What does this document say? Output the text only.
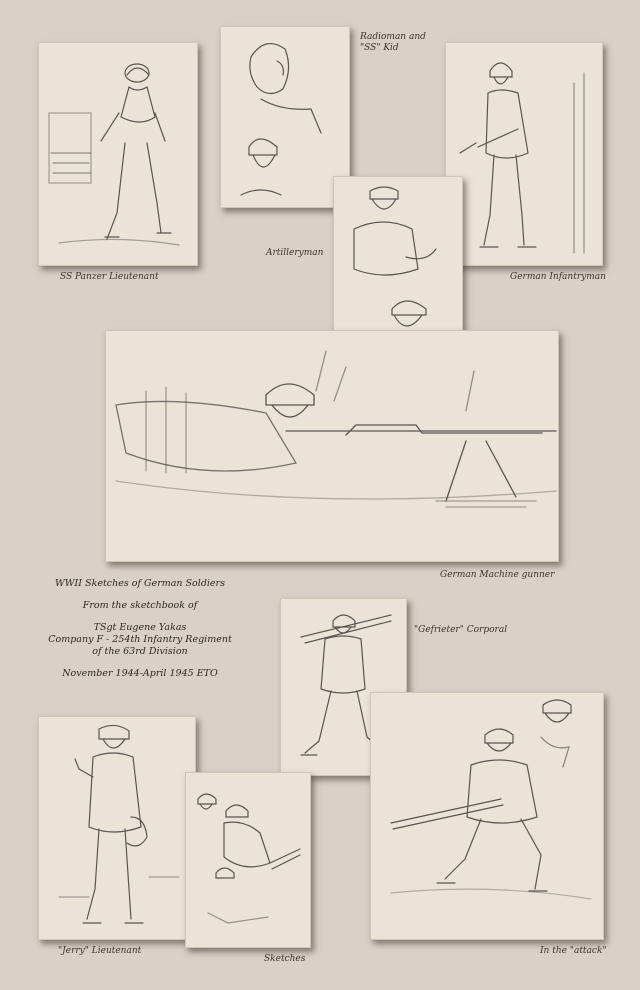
SS Panzer Lieutenant
Radioman and "SS" Kid
Artilleryman
German Infantryman
German Machine gunner
"Gefrieter" Corporal
"Jerry" Lieutenant
Sketches
In the "attack"

WWII Sketches of German Soldiers

From the sketchbook of

TSgt Eugene Yakas

Company F - 254th Infantry Regiment

of the 63rd Division

November 1944-April 1945 ETO
